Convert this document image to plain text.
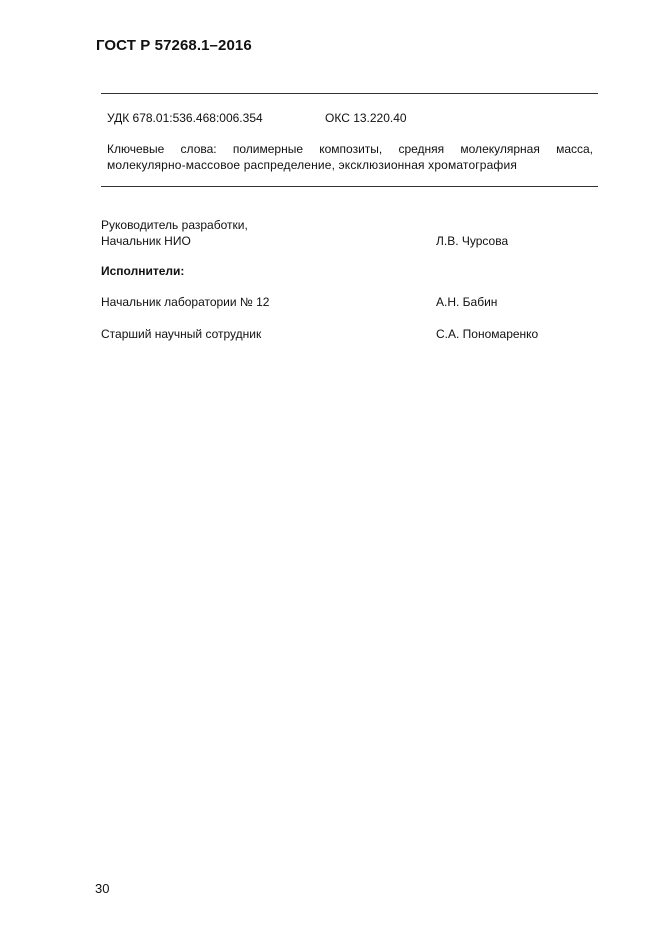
ГОСТ Р 57268.1–2016
УДК 678.01:536.468:006.354	ОКС 13.220.40
Ключевые слова: полимерные композиты, средняя молекулярная масса,
молекулярно-массовое распределение, эксклюзионная хроматография
Руководитель разработки,
Начальник НИО	Л.В. Чурсова
Исполнители:
Начальник лаборатории № 12	А.Н. Бабин
Старший научный сотрудник	С.А. Пономаренко
30
